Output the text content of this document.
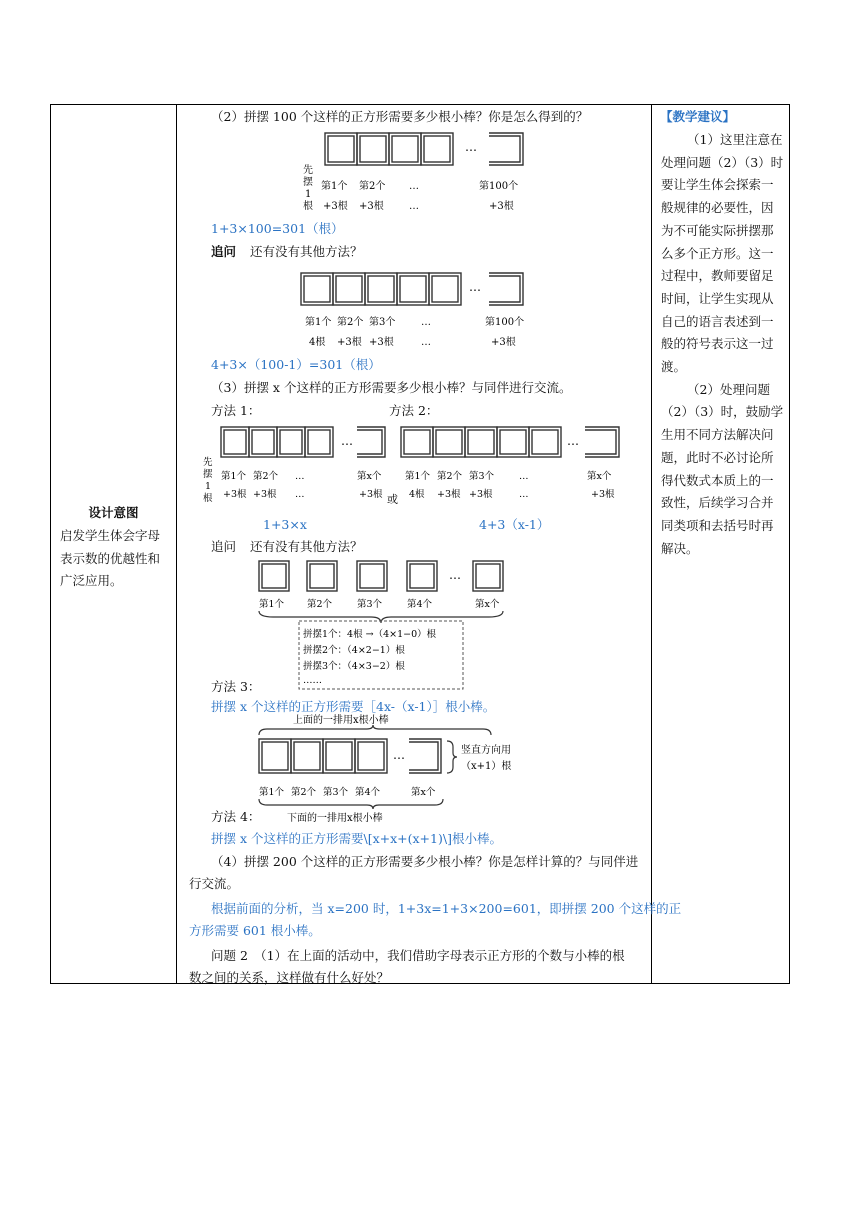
设计意图
启发学生体会字母
表示数的优越性和
广泛应用。
【教学建议】
（1）这里注意在
处理问题（2）（3）时
要让学生体会探索一
般规律的必要性，因
为不可能实际拼摆那
么多个正方形。这一
过程中，教师要留足
时间，让学生实现从
自己的语言表述到一
般的符号表示这一过
渡。
（2）处理问题
（2）（3）时，鼓励学
生用不同方法解决问
题，此时不必讨论所
得代数式本质上的一
致性，后续学习合并
同类项和去括号时再
解决。
（2）拼摆 100 个这样的正方形需要多少根小棒？你是怎么得到的？
…
先
摆
1
根
第1个 第2个 …	第100个
+3根 +3根	…	+3根
1+3×100=301（根）
追问 还有没有其他方法？
…
第1个 第2个 第3个	…	第100个
4根 +3根 +3根	…	+3根
4+3×（100-1）=301（根）
（3）拼摆 x 个这样的正方形需要多少根小棒？与同伴进行交流。
方法 1：	方法 2：
…	…
先
摆
1
根
第1个 第2个 …	第x个
+3根 +3根 …	+3根 或
第1个 第2个 第3个	…	第x个
4根 +3根 +3根	…	+3根
1+3×x	4+3（x-1）
追问 还有没有其他方法？
…
第1个 第2个	第3个	第4个	第x个
拼摆1个：4根 →（4×1−0）根
拼摆2个：（4×2−1）根
拼摆3个：（4×3−2）根
……
方法 3：
拼摆 x 个这样的正方形需要［4x-（x-1）］根小棒。
上面的一排用x根小棒
…	竖直方向用
（x+1）根
第1个 第2个 第3个 第4个	第x个
下面的一排用x根小棒
方法 4：
拼摆 x 个这样的正方形需要\[x+x+(x+1)\]根小棒。
（4）拼摆 200 个这样的正方形需要多少根小棒？你是怎样计算的？与同伴进
行交流。
根据前面的分析，当 x=200 时，1+3x=1+3×200=601，即拼摆 200 个这样的正
方形需要 601 根小棒。
问题 2　（1）在上面的活动中，我们借助字母表示正方形的个数与小棒的根
数之间的关系，这样做有什么好处？
